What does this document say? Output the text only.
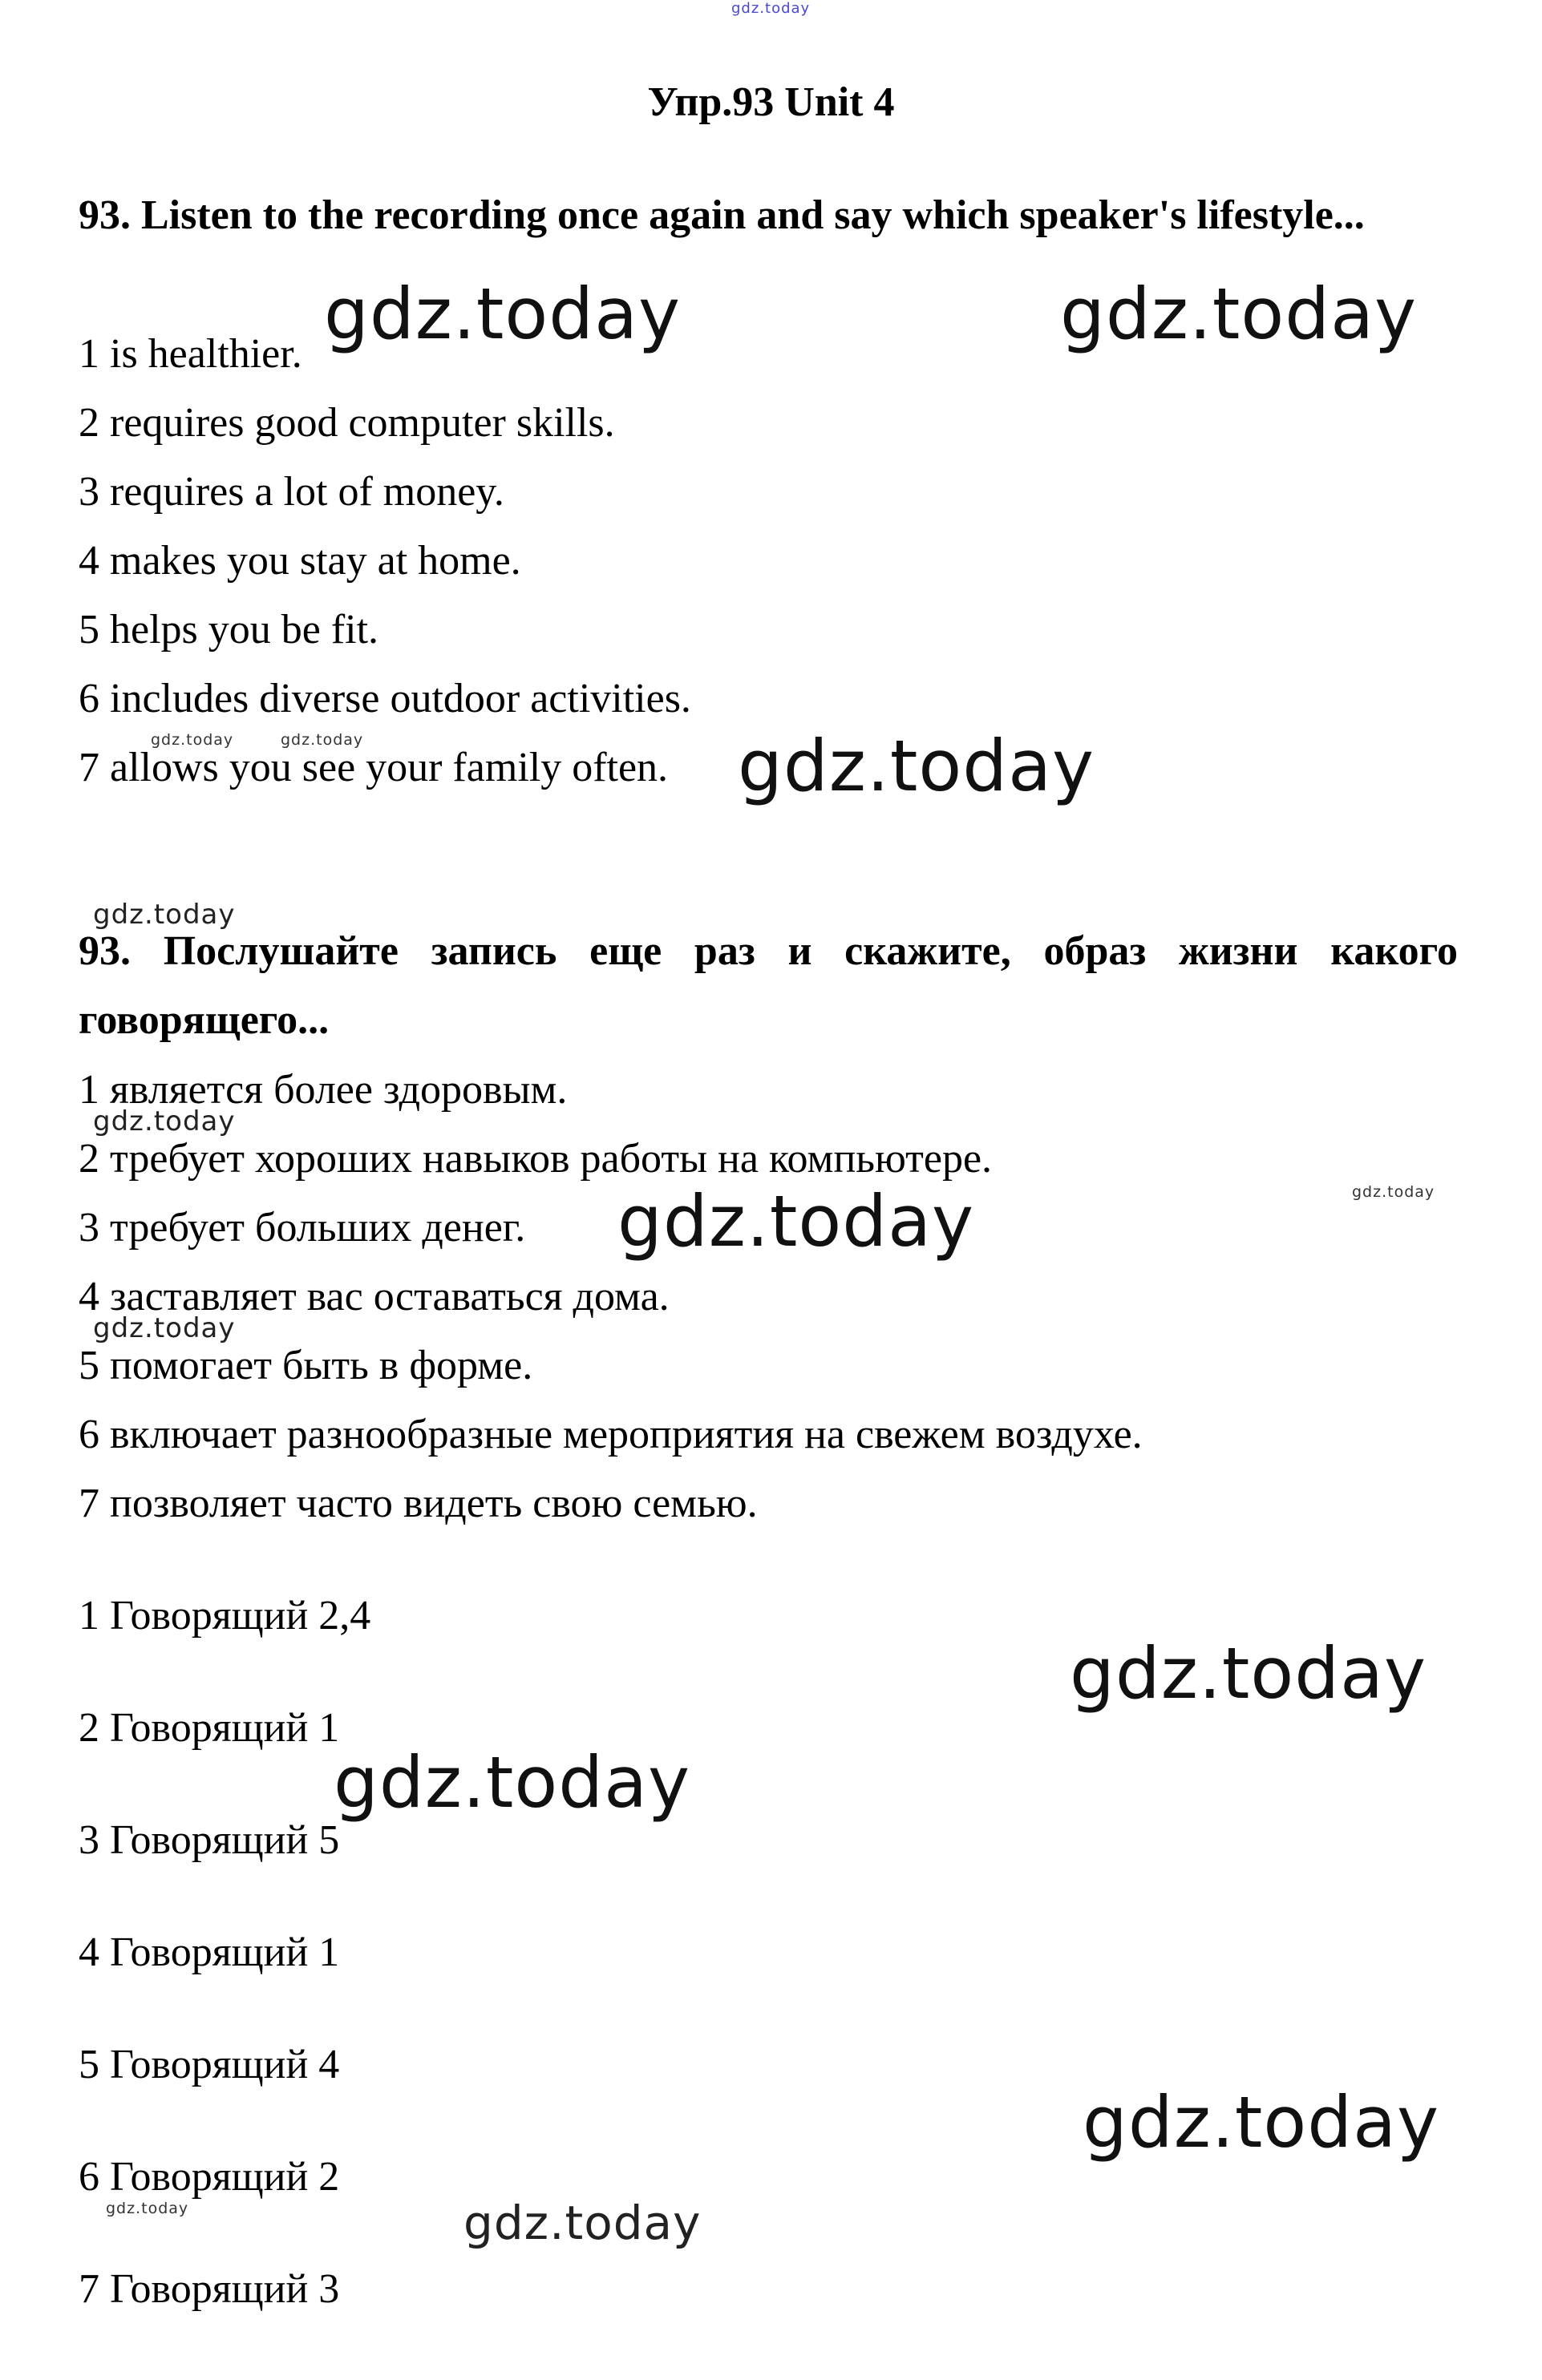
gdz.today
Упр.93 Unit 4
93. Listen to the recording once again and say which speaker's lifestyle...

1 is healthier.

2 requires good computer skills.

3 requires a lot of money.

4 makes you stay at home.

5 helps you be fit.

6 includes diverse outdoor activities.

7 allows you see your family often.

93. Послушайте запись еще раз и скажите, образ жизни какого говорящего...

1 является более здоровым.

2 требует хороших навыков работы на компьютере.

3 требует больших денег.

4 заставляет вас оставаться дома.

5 помогает быть в форме.

6 включает разнообразные мероприятия на свежем воздухе.

7 позволяет часто видеть свою семью.

1 Говорящий 2,4

2 Говорящий 1

3 Говорящий 5

4 Говорящий 1

5 Говорящий 4

6 Говорящий 2

7 Говорящий 3

gdz.today	gdz.today
gdz.today	gdz.today	gdz.today
gdz.today
gdz.today
gdz.today
gdz.today
gdz.today
gdz.today
gdz.today
gdz.today
gdz.today	gdz.today
